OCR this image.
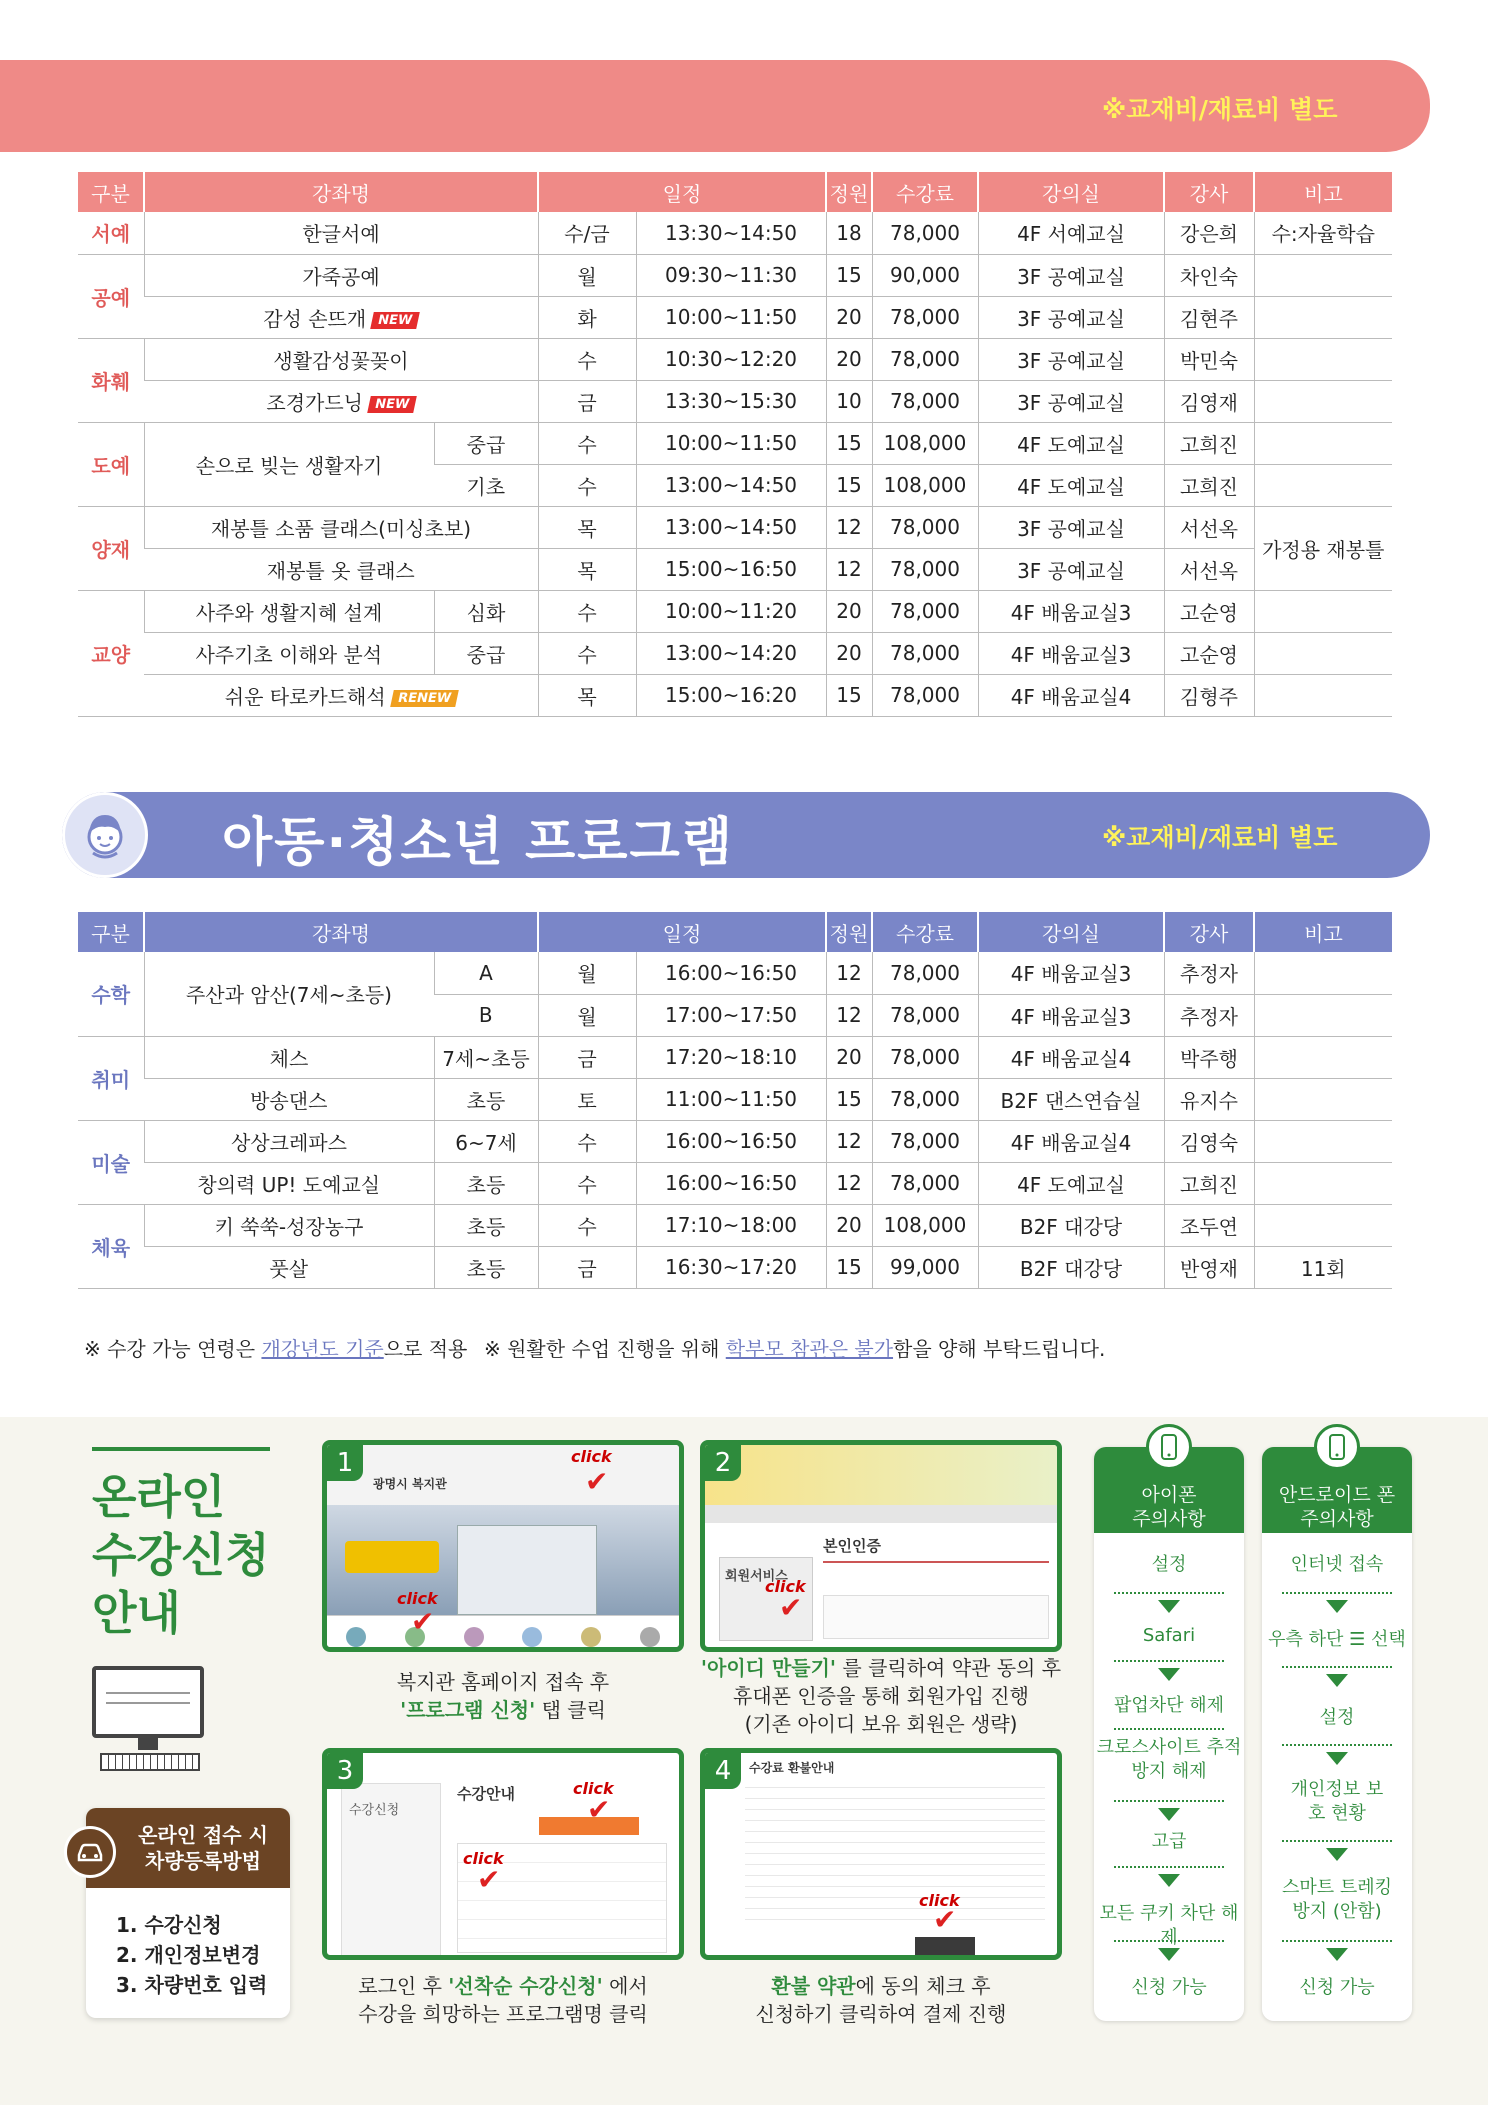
※교재비/재료비 별도
구분	강좌명		일정		정원	수강료	강의실	강사	비고
서예	한글서예		수/금	13:30~14:50	18	78,000	4F 서예교실	강은희	수:자율학습
공예	가죽공예		월	09:30~11:30	15	90,000	3F 공예교실	차인숙	
	감성 손뜨개 NEW		화	10:00~11:50	20	78,000	3F 공예교실	김현주	
화훼	생활감성꽃꽂이		수	10:30~12:20	20	78,000	3F 공예교실	박민숙	
	조경가드닝 NEW		금	13:30~15:30	10	78,000	3F 공예교실	김영재	
도예	손으로 빚는 생활자기	중급	수	10:00~11:50	15	108,000	4F 도예교실	고희진	
		기초	수	13:00~14:50	15	108,000	4F 도예교실	고희진	
양재	재봉틀 소품 클래스(미싱초보)		목	13:00~14:50	12	78,000	3F 공예교실	서선옥	가정용 재봉틀
	재봉틀 옷 클래스		목	15:00~16:50	12	78,000	3F 공예교실	서선옥	
교양	사주와 생활지혜 설계	심화	수	10:00~11:20	20	78,000	4F 배움교실3	고순영	
	사주기초 이해와 분석	중급	수	13:00~14:20	20	78,000	4F 배움교실3	고순영	
	쉬운 타로카드해석 RENEW		목	15:00~16:20	15	78,000	4F 배움교실4	김형주	
아동·청소년 프로그램	※교재비/재료비 별도
구분	강좌명		일정		정원	수강료	강의실	강사	비고
수학	주산과 암산(7세~초등)	A	월	16:00~16:50	12	78,000	4F 배움교실3	추정자	
		B	월	17:00~17:50	12	78,000	4F 배움교실3	추정자	
취미	체스	7세~초등	금	17:20~18:10	20	78,000	4F 배움교실4	박주행	
	방송댄스	초등	토	11:00~11:50	15	78,000	B2F 댄스연습실	유지수	
미술	상상크레파스	6~7세	수	16:00~16:50	12	78,000	4F 배움교실4	김영숙	
	창의력 UP! 도예교실	초등	수	16:00~16:50	12	78,000	4F 도예교실	고희진	
체육	키 쑥쑥-성장농구	초등	수	17:10~18:00	20	108,000	B2F 대강당	조두연	
	풋살	초등	금	16:30~17:20	15	99,000	B2F 대강당	반영재	11회
※ 수강 가능 연령은 개강년도 기준으로 적용 ※ 원활한 수업 진행을 위해 학부모 참관은 불가함을 양해 부탁드립니다.
온라인
수강신청
안내
온라인 접수 시
차량등록방법
1. 수강신청
2. 개인정보변경
3. 차량번호 입력
광명시 복지관
click
✔
click
✔
1
복지관 홈페이지 접속 후
'프로그램 신청' 탭 클릭
회원서비스
본인인증
click
✔
2
'아이디 만들기' 를 클릭하여 약관 동의 후
휴대폰 인증을 통해 회원가입 진행
(기존 아이디 보유 회원은 생략)
수강신청
수강안내	click
✔
click
✔
3
로그인 후 '선착순 수강신청' 에서
수강을 희망하는 프로그램명 클릭
수강료 환불안내
click
✔
4
환불 약관에 동의 체크 후
신청하기 클릭하여 결제 진행
아이폰
주의사항
설정
Safari
팝업차단 해제
크로스사이트 추적방지 해제
고급
모든 쿠키 차단 해제
신청 가능
안드로이드 폰
주의사항
인터넷 접속
우측 하단 ☰ 선택
설정
개인정보 보호 현황
스마트 트레킹 방지 (안함)
신청 가능
